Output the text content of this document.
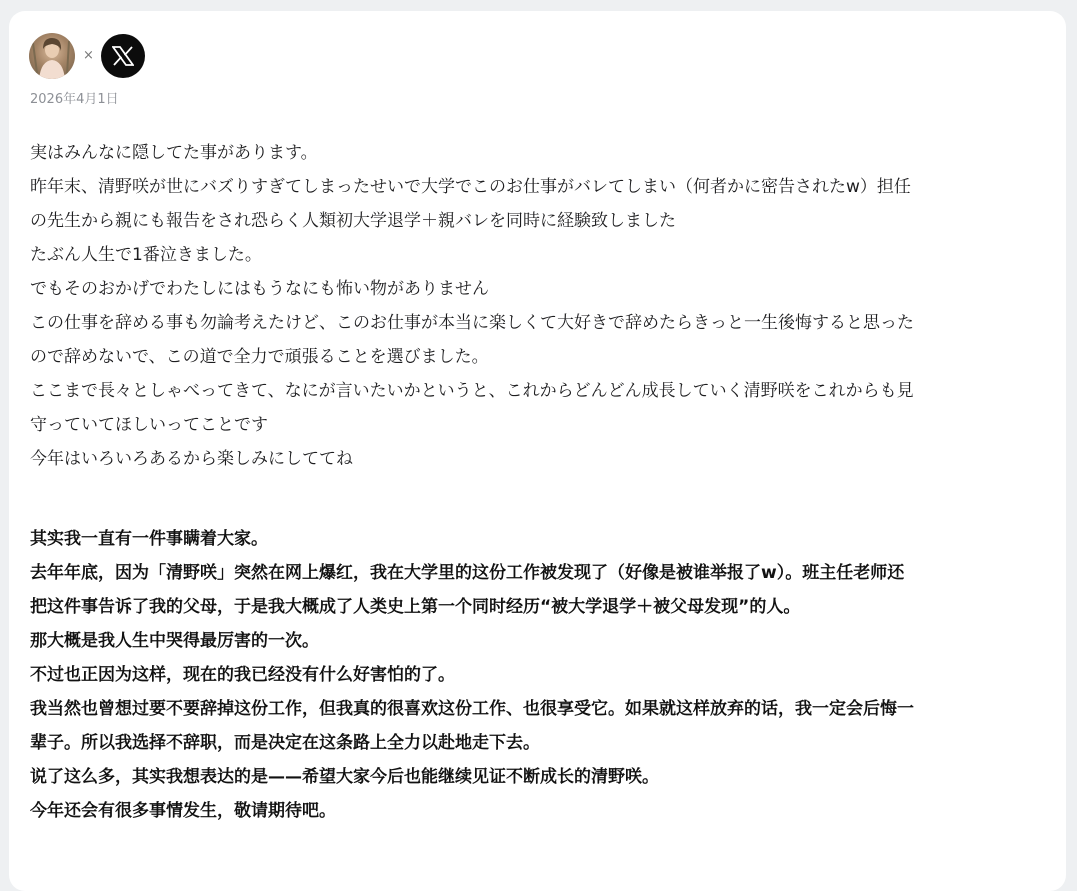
×
2026年4月1日
実はみんなに隠してた事があります。
昨年末、清野咲が世にバズりすぎてしまったせいで大学でこのお仕事がバレてしまい（何者かに密告されたw）担任
の先生から親にも報告をされ恐らく人類初大学退学＋親バレを同時に経験致しました
たぶん人生で1番泣きました。
でもそのおかげでわたしにはもうなにも怖い物がありません
この仕事を辞める事も勿論考えたけど、このお仕事が本当に楽しくて大好きで辞めたらきっと一生後悔すると思った
ので辞めないで、この道で全力で頑張ることを選びました。
ここまで長々としゃべってきて、なにが言いたいかというと、これからどんどん成長していく清野咲をこれからも見
守っていてほしいってことです
今年はいろいろあるから楽しみにしててね
其实我一直有一件事瞒着大家。
去年年底，因为「清野咲」突然在网上爆红，我在大学里的这份工作被发现了（好像是被谁举报了w）。班主任老师还
把这件事告诉了我的父母，于是我大概成了人类史上第一个同时经历“被大学退学＋被父母发现”的人。
那大概是我人生中哭得最厉害的一次。
不过也正因为这样，现在的我已经没有什么好害怕的了。
我当然也曾想过要不要辞掉这份工作，但我真的很喜欢这份工作、也很享受它。如果就这样放弃的话，我一定会后悔一
辈子。所以我选择不辞职，而是决定在这条路上全力以赴地走下去。
说了这么多，其实我想表达的是——希望大家今后也能继续见证不断成长的清野咲。
今年还会有很多事情发生，敬请期待吧。
